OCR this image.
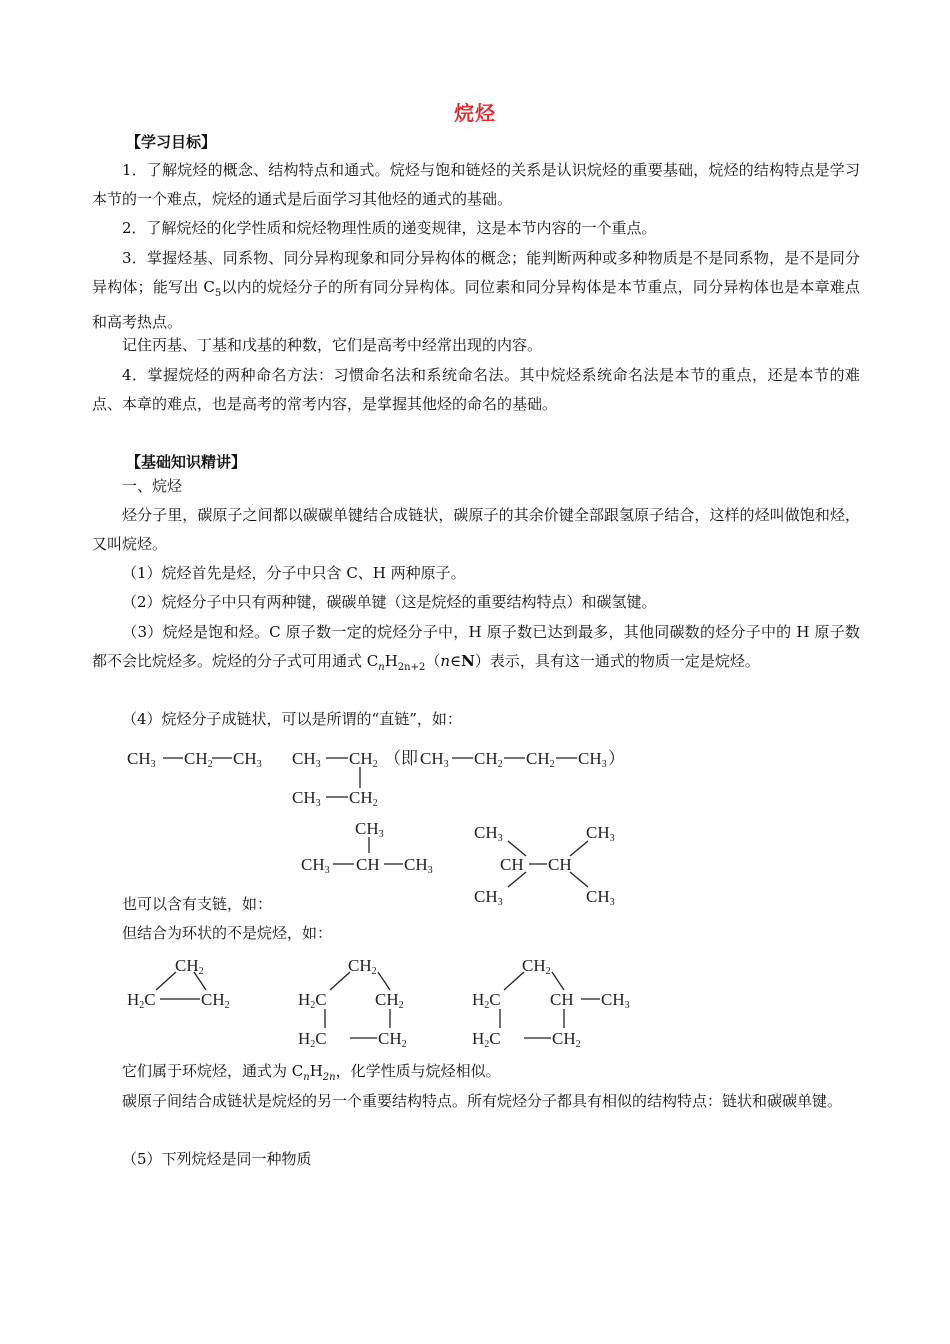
烷烃
【学习目标】

1．了解烷烃的概念、结构特点和通式。烷烃与饱和链烃的关系是认识烷烃的重要基础，烷烃的结构特点是学习本节的一个难点，烷烃的通式是后面学习其他烃的通式的基础。

2．了解烷烃的化学性质和烷烃物理性质的递变规律，这是本节内容的一个重点。

3．掌握烃基、同系物、同分异构现象和同分异构体的概念；能判断两种或多种物质是不是同系物，是不是同分异构体；能写出 $C_5$以内的烷烃分子的所有同分异构体。同位素和同分异构体是本节重点，同分异构体也是本章难点和高考热点。

记住丙基、丁基和戊基的种数，它们是高考中经常出现的内容。

4．掌握烷烃的两种命名方法：习惯命名法和系统命名法。其中烷烃系统命名法是本节的重点，还是本节的难点、本章的难点，也是高考的常考内容，是掌握其他烃的命名的基础。

【基础知识精讲】
一、烷烃

烃分子里，碳原子之间都以碳碳单键结合成链状，碳原子的其余价键全部跟氢原子结合，这样的烃叫做饱和烃，又叫烷烃。

（1）烷烃首先是烃，分子中只含 C、H 两种原子。
（2）烷烃分子中只有两种键，碳碳单键（这是烷烃的重要结构特点）和碳氢键。

（3）烷烃是饱和烃。C 原子数一定的烷烃分子中，H 原子数已达到最多，其他同碳数的烃分子中的 H 原子数都不会比烷烃多。烷烃的分子式可用通式 $C_nH_{2n+2}(n\in N)$表示，具有这一通式的物质一定是烷烃。

（4）烷烃分子成链状，可以是所谓的“直链”，如：
也可以含有支链，如：
但结合为环状的不是烷烃，如：
它们属于环烷烃，通式为 $C_nH_{2n}$，化学性质与烷烃相似。

碳原子间结合成链状是烷烃的另一个重要结构特点。所有烷烃分子都具有相似的结构特点：链状和碳碳单键。

（5）下列烷烃是同一种物质
CH3 CH2 CH3 CH3 CH2
CH3 CH2
（即 CH3 CH2 CH2 CH3 ）
CH3
CH3 CH CH3
CH3	CH3
CH CH
CH3	CH3
CH2
H2C	CH2
CH2
H2C	CH2
H2C	CH2
CH2
H2C	CH CH3
H2C	CH2
